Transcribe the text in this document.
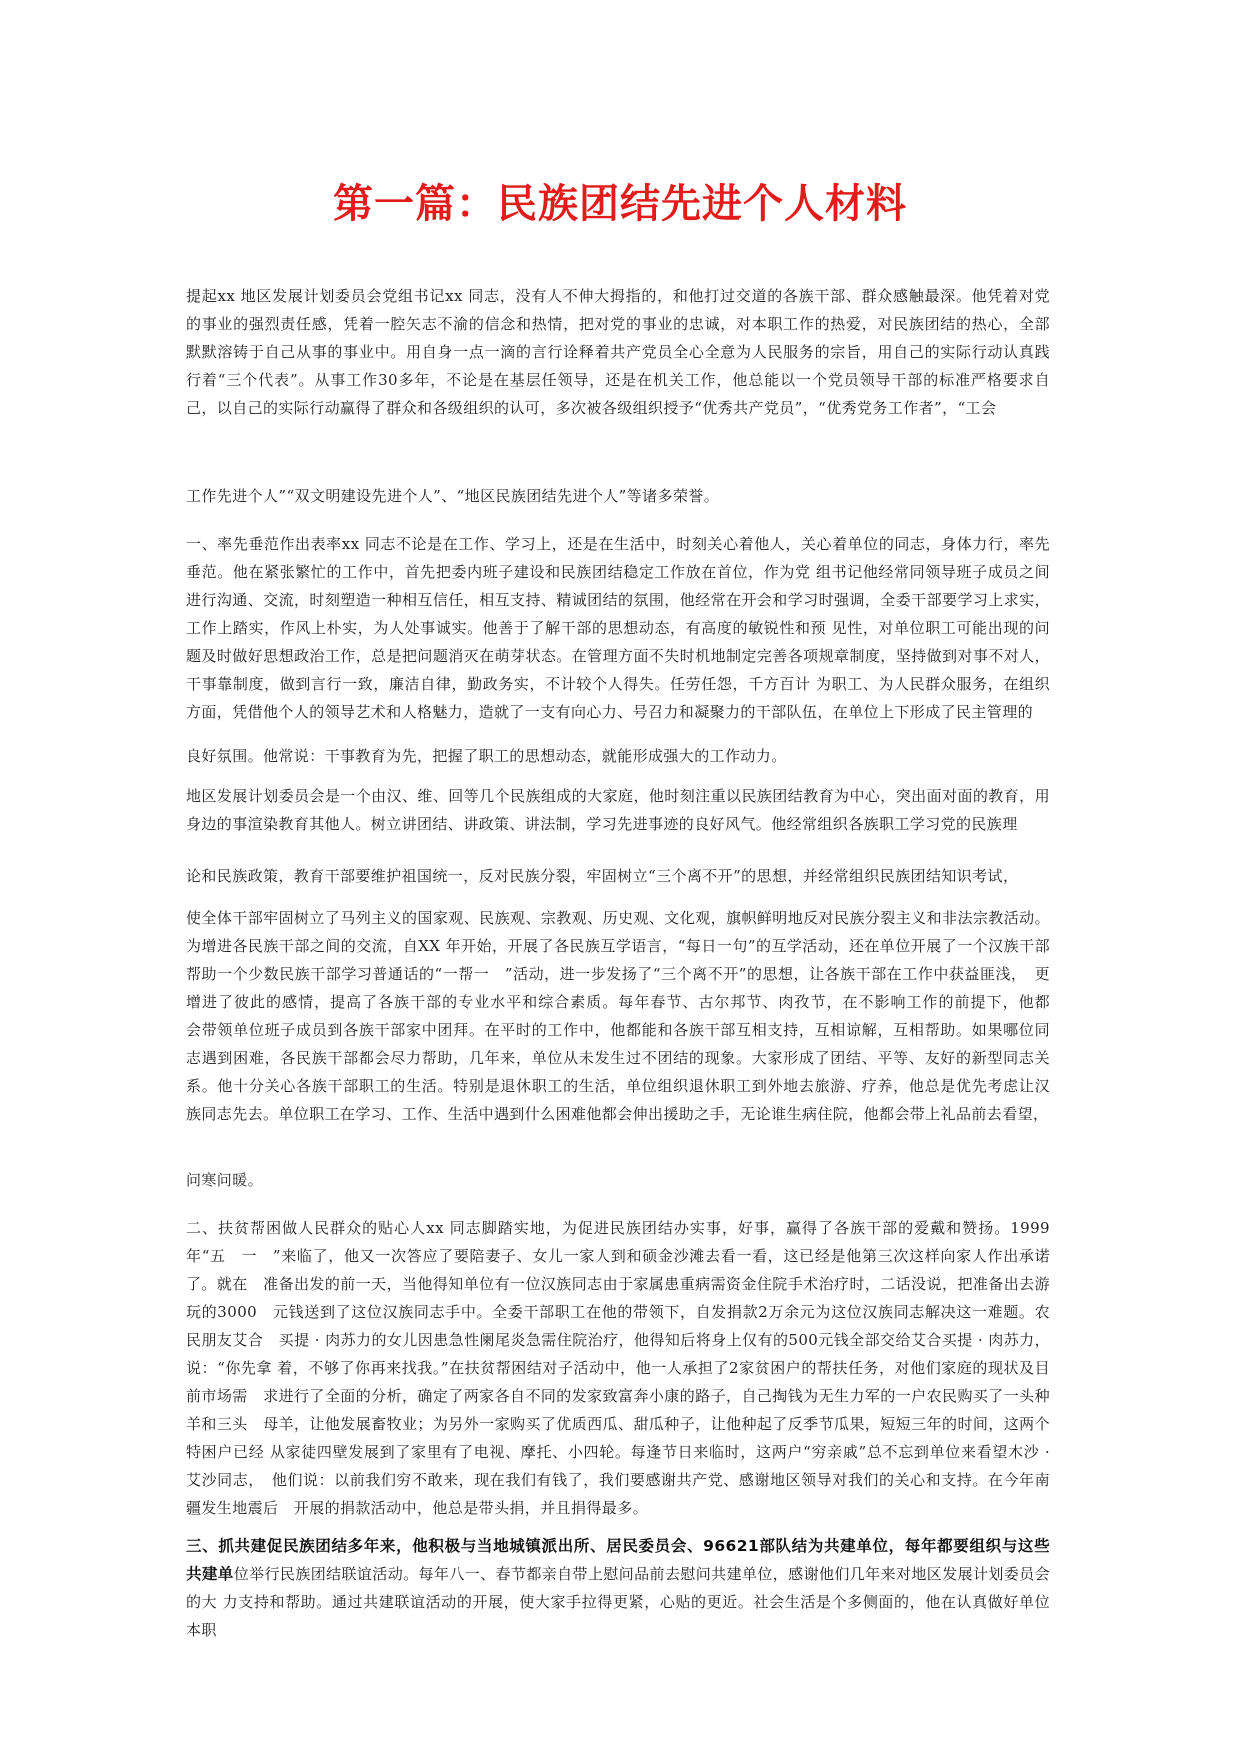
第一篇：民族团结先进个人材料

提起xx 地区发展计划委员会党组书记xx 同志，没有人不伸大拇指的，和他打过交道的各族干部、群众感触最深。他凭着对党　的事业的强烈责任感，凭着一腔矢志不渝的信念和热情，把对党的事业的忠诚，对本职工作的热爱，对民族团结的热心，全部　默默溶铸于自己从事的事业中。用自身一点一滴的言行诠释着共产党员全心全意为人民服务的宗旨，用自己的实际行动认真践　行着“三个代表”。从事工作30多年，不论是在基层任领导，还是在机关工作，他总能以一个党员领导干部的标准严格要求自 己，以自己的实际行动赢得了群众和各级组织的认可，多次被各级组织授予“优秀共产党员”，“优秀党务工作者”，“工会

工作先进个人”“双文明建设先进个人”、“地区民族团结先进个人”等诸多荣誉。

一、率先垂范作出表率xx 同志不论是在工作、学习上，还是在生活中，时刻关心着他人，关心着单位的同志，身体力行，率先垂范。他在紧张繁忙的工作中，首先把委内班子建设和民族团结稳定工作放在首位，作为党 组书记他经常同领导班子成员之间进行沟通、交流，时刻塑造一种相互信任，相互支持、精诚团结的氛围，他经常在开会和学习时强调，全委干部要学习上求实，工作上踏实，作风上朴实，为人处事诚实。他善于了解干部的思想动态，有高度的敏锐性和预 见性，对单位职工可能出现的问题及时做好思想政治工作，总是把问题消灭在萌芽状态。在管理方面不失时机地制定完善各项规章制度，坚持做到对事不对人，干事靠制度，做到言行一致，廉洁自律，勤政务实，不计较个人得失。任劳任怨，千方百计 为职工、为人民群众服务，在组织方面，凭借他个人的领导艺术和人格魅力，造就了一支有向心力、号召力和凝聚力的干部队伍，在单位上下形成了民主管理的

良好氛围。他常说：干事教育为先，把握了职工的思想动态，就能形成强大的工作动力。

地区发展计划委员会是一个由汉、维、回等几个民族组成的大家庭，他时刻注重以民族团结教育为中心，突出面对面的教育，用身边的事渲染教育其他人。树立讲团结、讲政策、讲法制，学习先进事迹的良好风气。他经常组织各族职工学习党的民族理

论和民族政策，教育干部要维护祖国统一，反对民族分裂，牢固树立“三个离不开”的思想，并经常组织民族团结知识考试，

使全体干部牢固树立了马列主义的国家观、民族观、宗教观、历史观、文化观，旗帜鲜明地反对民族分裂主义和非法宗教活动。为增进各民族干部之间的交流，自XX 年开始，开展了各民族互学语言，“每日一句”的互学活动，还在单位开展了一个汉族干部帮助一个少数民族干部学习普通话的“一帮一　”活动，进一步发扬了“三个离不开”的思想，让各族干部在工作中获益匪浅，　更增进了彼此的感情，提高了各族干部的专业水平和综合素质。每年春节、古尔邦节、肉孜节，在不影响工作的前提下，他都　　会带领单位班子成员到各族干部家中团拜。在平时的工作中，他都能和各族干部互相支持，互相谅解，互相帮助。如果哪位同　志遇到困难，各民族干部都会尽力帮助，几年来，单位从未发生过不团结的现象。大家形成了团结、平等、友好的新型同志关　　系。他十分关心各族干部职工的生活。特别是退休职工的生活，单位组织退休职工到外地去旅游、疗养，他总是优先考虑让汉　　族同志先去。单位职工在学习、工作、生活中遇到什么困难他都会伸出援助之手，无论谁生病住院，他都会带上礼品前去看望，

问寒问暖。

二、扶贫帮困做人民群众的贴心人xx 同志脚踏实地，为促进民族团结办实事，好事，赢得了各族干部的爱戴和赞扬。1999年“五　一　”来临了，他又一次答应了要陪妻子、女儿一家人到和硕金沙滩去看一看，这已经是他第三次这样向家人作出承诺了。就在　准备出发的前一天，当他得知单位有一位汉族同志由于家属患重病需资金住院手术治疗时，二话没说，把准备出去游玩的3000　元钱送到了这位汉族同志手中。全委干部职工在他的带领下，自发捐款2万余元为这位汉族同志解决这一难题。农民朋友艾合　买提 · 肉苏力的女儿因患急性阑尾炎急需住院治疗，他得知后将身上仅有的500元钱全部交给艾合买提 · 肉苏力，说：“你先拿 着，不够了你再来找我。”在扶贫帮困结对子活动中，他一人承担了2家贫困户的帮扶任务，对他们家庭的现状及目前市场需　求进行了全面的分析，确定了两家各自不同的发家致富奔小康的路子，自己掏钱为无生力军的一户农民购买了一头种羊和三头　母羊，让他发展畜牧业；为另外一家购买了优质西瓜、甜瓜种子，让他种起了反季节瓜果，短短三年的时间，这两个特困户已经 从家徒四壁发展到了家里有了电视、摩托、小四轮。每逢节日来临时，这两户“穷亲戚”总不忘到单位来看望木沙 · 艾沙同志，　他们说：以前我们穷不敢来，现在我们有钱了，我们要感谢共产党、感谢地区领导对我们的关心和支持。在今年南疆发生地震后　开展的捐款活动中，他总是带头捐，并且捐得最多。

三、抓共建促民族团结多年来，他积极与当地城镇派出所、居民委员会、96621部队结为共建单位，每年都要组织与这些共建单位举行民族团结联谊活动。每年八一、春节都亲自带上慰问品前去慰问共建单位，感谢他们几年来对地区发展计划委员会的大 力支持和帮助。通过共建联谊活动的开展，使大家手拉得更紧，心贴的更近。社会生活是个多侧面的，他在认真做好单位本职
